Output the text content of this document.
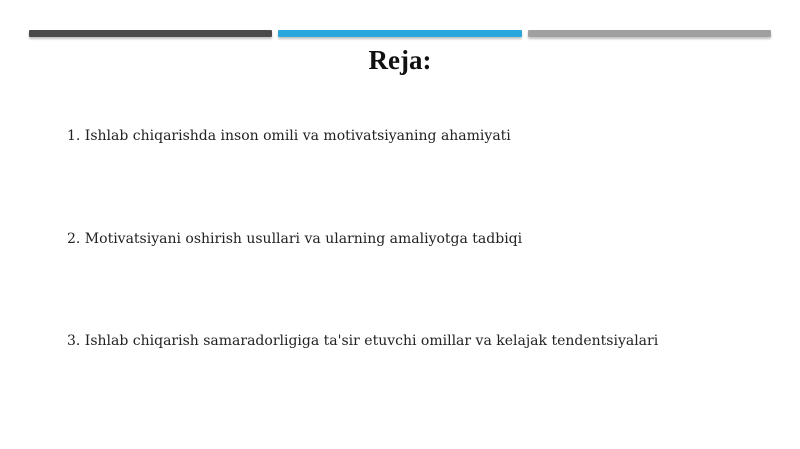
Reja:
1. Ishlab chiqarishda inson omili va motivatsiyaning ahamiyati
2. Motivatsiyani oshirish usullari va ularning amaliyotga tadbiqi
3. Ishlab chiqarish samaradorligiga ta'sir etuvchi omillar va kelajak tendentsiyalari
